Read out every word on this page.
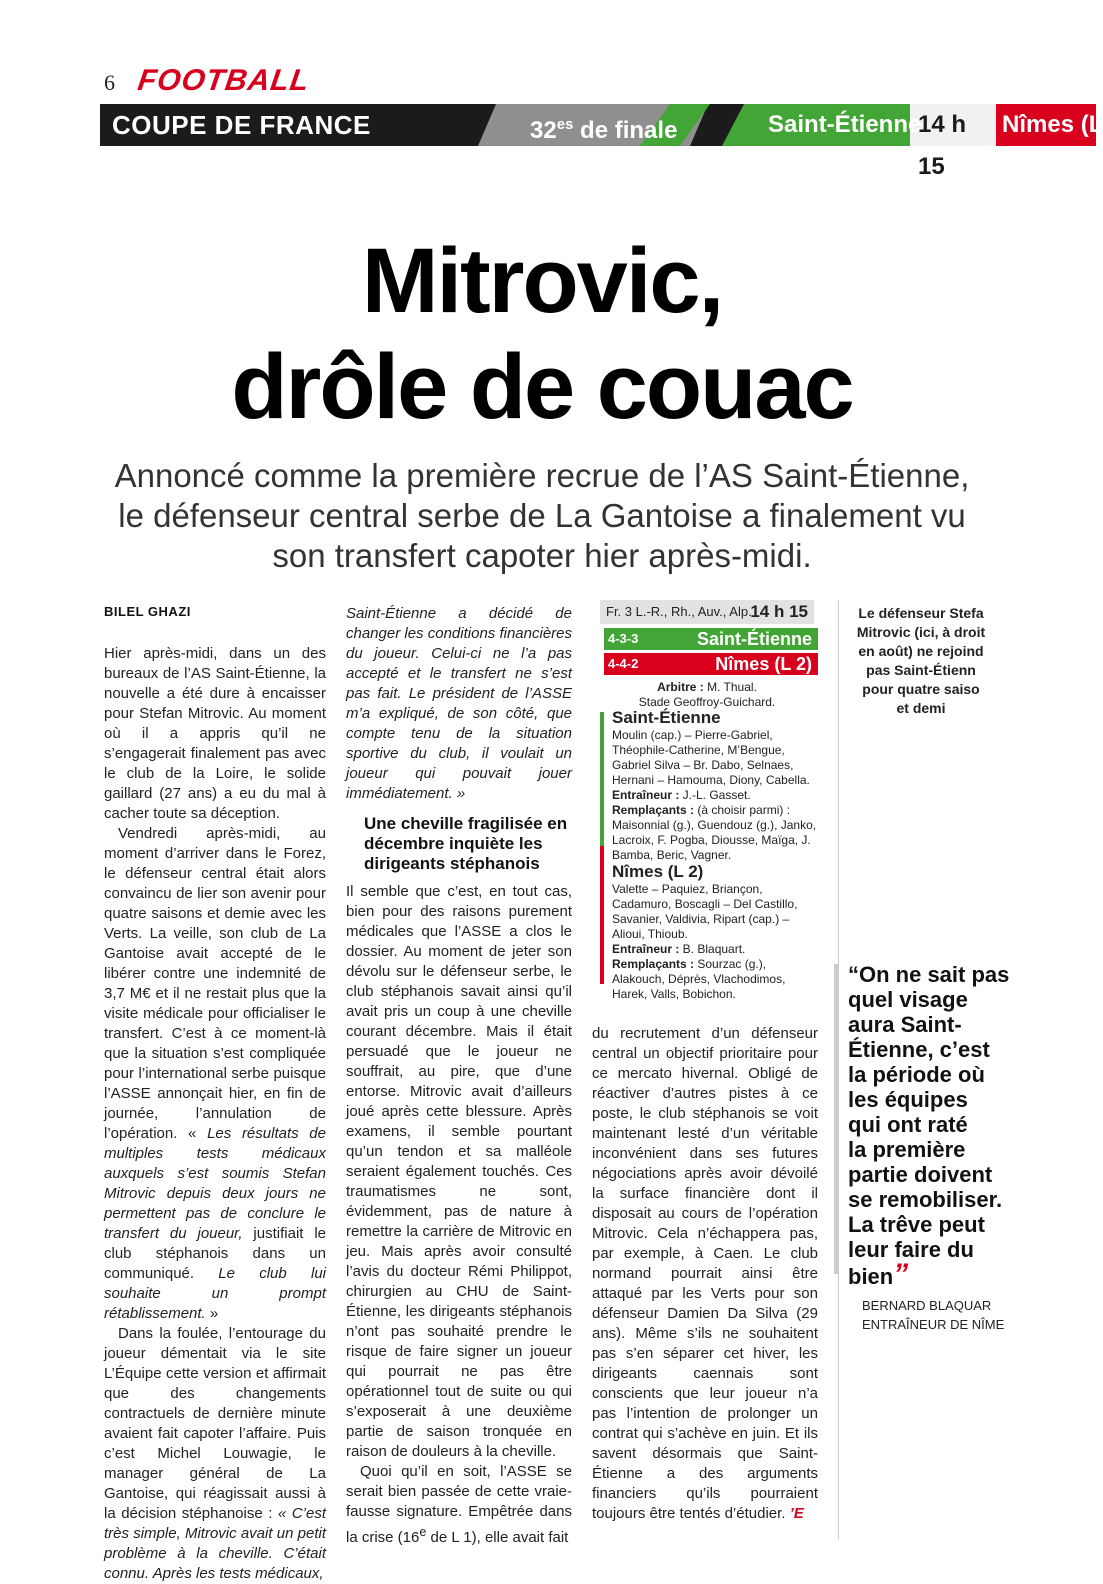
6 FOOTBALL
COUPE DE FRANCE	$32^{es}$ de finale	Saint-Étienne
14 h 15
Nîmes (L
Mitrovic,
drôle de couac
Annoncé comme la première recrue de l’AS Saint-Étienne, le défenseur central serbe de La Gantoise a finalement vu son transfert capoter hier après-midi.
BILEL GHAZI

Hier après-midi, dans un des bureaux de l’AS Saint-Étienne, la nouvelle a été dure à encaisser pour Stefan Mitrovic. Au moment où il a appris qu’il ne s’engagerait finalement pas avec le club de la Loire, le solide gaillard (27 ans) a eu du mal à cacher toute sa déception.

Vendredi après-midi, au moment d’arriver dans le Forez, le défenseur central était alors convaincu de lier son avenir pour quatre saisons et demie avec les Verts. La veille, son club de La Gantoise avait accepté de le libérer contre une indemnité de 3,7 M€ et il ne restait plus que la visite médicale pour officialiser le transfert. C’est à ce moment-là que la situation s’est compliquée pour l’international serbe puisque l’ASSE annonçait hier, en fin de journée, l’annulation de l’opération. « Les résultats de multiples tests médicaux auxquels s’est soumis Stefan Mitrovic depuis deux jours ne permettent pas de conclure le transfert du joueur, justifiait le club stéphanois dans un communiqué. Le club lui souhaite un prompt rétablissement. »

Dans la foulée, l’entourage du joueur démentait via le site L’Équipe cette version et affirmait que des changements contractuels de dernière minute avaient fait capoter l’affaire. Puis c’est Michel Louwagie, le manager général de La Gantoise, qui réagissait aussi à la décision stéphanoise : « C’est très simple, Mitrovic avait un petit problème à la cheville. C’était connu. Après les tests médicaux,

Saint-Étienne a décidé de changer les conditions financières du joueur. Celui-ci ne l’a pas accepté et le transfert ne s’est pas fait. Le président de l’ASSE m’a expliqué, de son côté, que compte tenu de la situation sportive du club, il voulait un joueur qui pouvait jouer immédiatement. »

Une cheville fragilisée en décembre inquiète les dirigeants stéphanois

Il semble que c’est, en tout cas, bien pour des raisons purement médicales que l’ASSE a clos le dossier. Au moment de jeter son dévolu sur le défenseur serbe, le club stéphanois savait ainsi qu’il avait pris un coup à une cheville courant décembre. Mais il était persuadé que le joueur ne souffrait, au pire, que d’une entorse. Mitrovic avait d’ailleurs joué après cette blessure. Après examens, il semble pourtant qu’un tendon et sa malléole seraient également touchés. Ces traumatismes ne sont, évidemment, pas de nature à remettre la carrière de Mitrovic en jeu. Mais après avoir consulté l’avis du docteur Rémi Philippot, chirurgien au CHU de Saint-Étienne, les dirigeants stéphanois n’ont pas souhaité prendre le risque de faire signer un joueur qui pourrait ne pas être opérationnel tout de suite ou qui s’exposerait à une deuxième partie de saison tronquée en raison de douleurs à la cheville.

Quoi qu’il en soit, l’ASSE se serait bien passée de cette vraie-fausse signature. Empêtrée dans la crise (16e de L 1), elle avait fait

Fr. 3 L.-R., Rh., Auv., Alp.
14 h 15
4-3-3	Saint-Étienne
4-4-2	Nîmes (L 2)
Arbitre : M. Thual.
Stade Geoffroy-Guichard.
Saint-Étienne
Moulin (cap.) – Pierre-Gabriel, Théophile-Catherine, M’Bengue, Gabriel Silva – Br. Dabo, Selnaes, Hernani – Hamouma, Diony, Cabella.
Entraîneur : J.-L. Gasset.
Remplaçants : (à choisir parmi) : Maisonnial (g.), Guendouz (g.), Janko, Lacroix, F. Pogba, Diousse, Maïga, J. Bamba, Beric, Vagner.
Nîmes (L 2)
Valette – Paquiez, Briançon, Cadamuro, Boscagli – Del Castillo, Savanier, Valdivia, Ripart (cap.) – Alioui, Thioub.
Entraîneur : B. Blaquart.
Remplaçants : Sourzac (g.), Alakouch, Déprès, Vlachodimos, Harek, Valls, Bobichon.

du recrutement d’un défenseur central un objectif prioritaire pour ce mercato hivernal. Obligé de réactiver d’autres pistes à ce poste, le club stéphanois se voit maintenant lesté d’un véritable inconvénient dans ses futures négociations après avoir dévoilé la surface financière dont il disposait au cours de l’opération Mitrovic. Cela n’échappera pas, par exemple, à Caen. Le club normand pourrait ainsi être attaqué par les Verts pour son défenseur Damien Da Silva (29 ans). Même s’ils ne souhaitent pas s’en séparer cet hiver, les dirigeants caennais sont conscients que leur joueur n’a pas l’intention de prolonger un contrat qui s’achève en juin. Et ils savent désormais que Saint-Étienne a des arguments financiers qu’ils pourraient toujours être tentés d’étudier. ’E

Le défenseur Stefa
Mitrovic (ici, à droit
en août) ne rejoind
pas Saint-Étienn
pour quatre saiso
et demi
“On ne sait pas
quel visage
aura Saint-
Étienne, c’est
la période où
les équipes
qui ont raté
la première
partie doivent
se remobiliser.
La trêve peut
leur faire du
bien”
BERNARD BLAQUAR
ENTRAÎNEUR DE NÎME
